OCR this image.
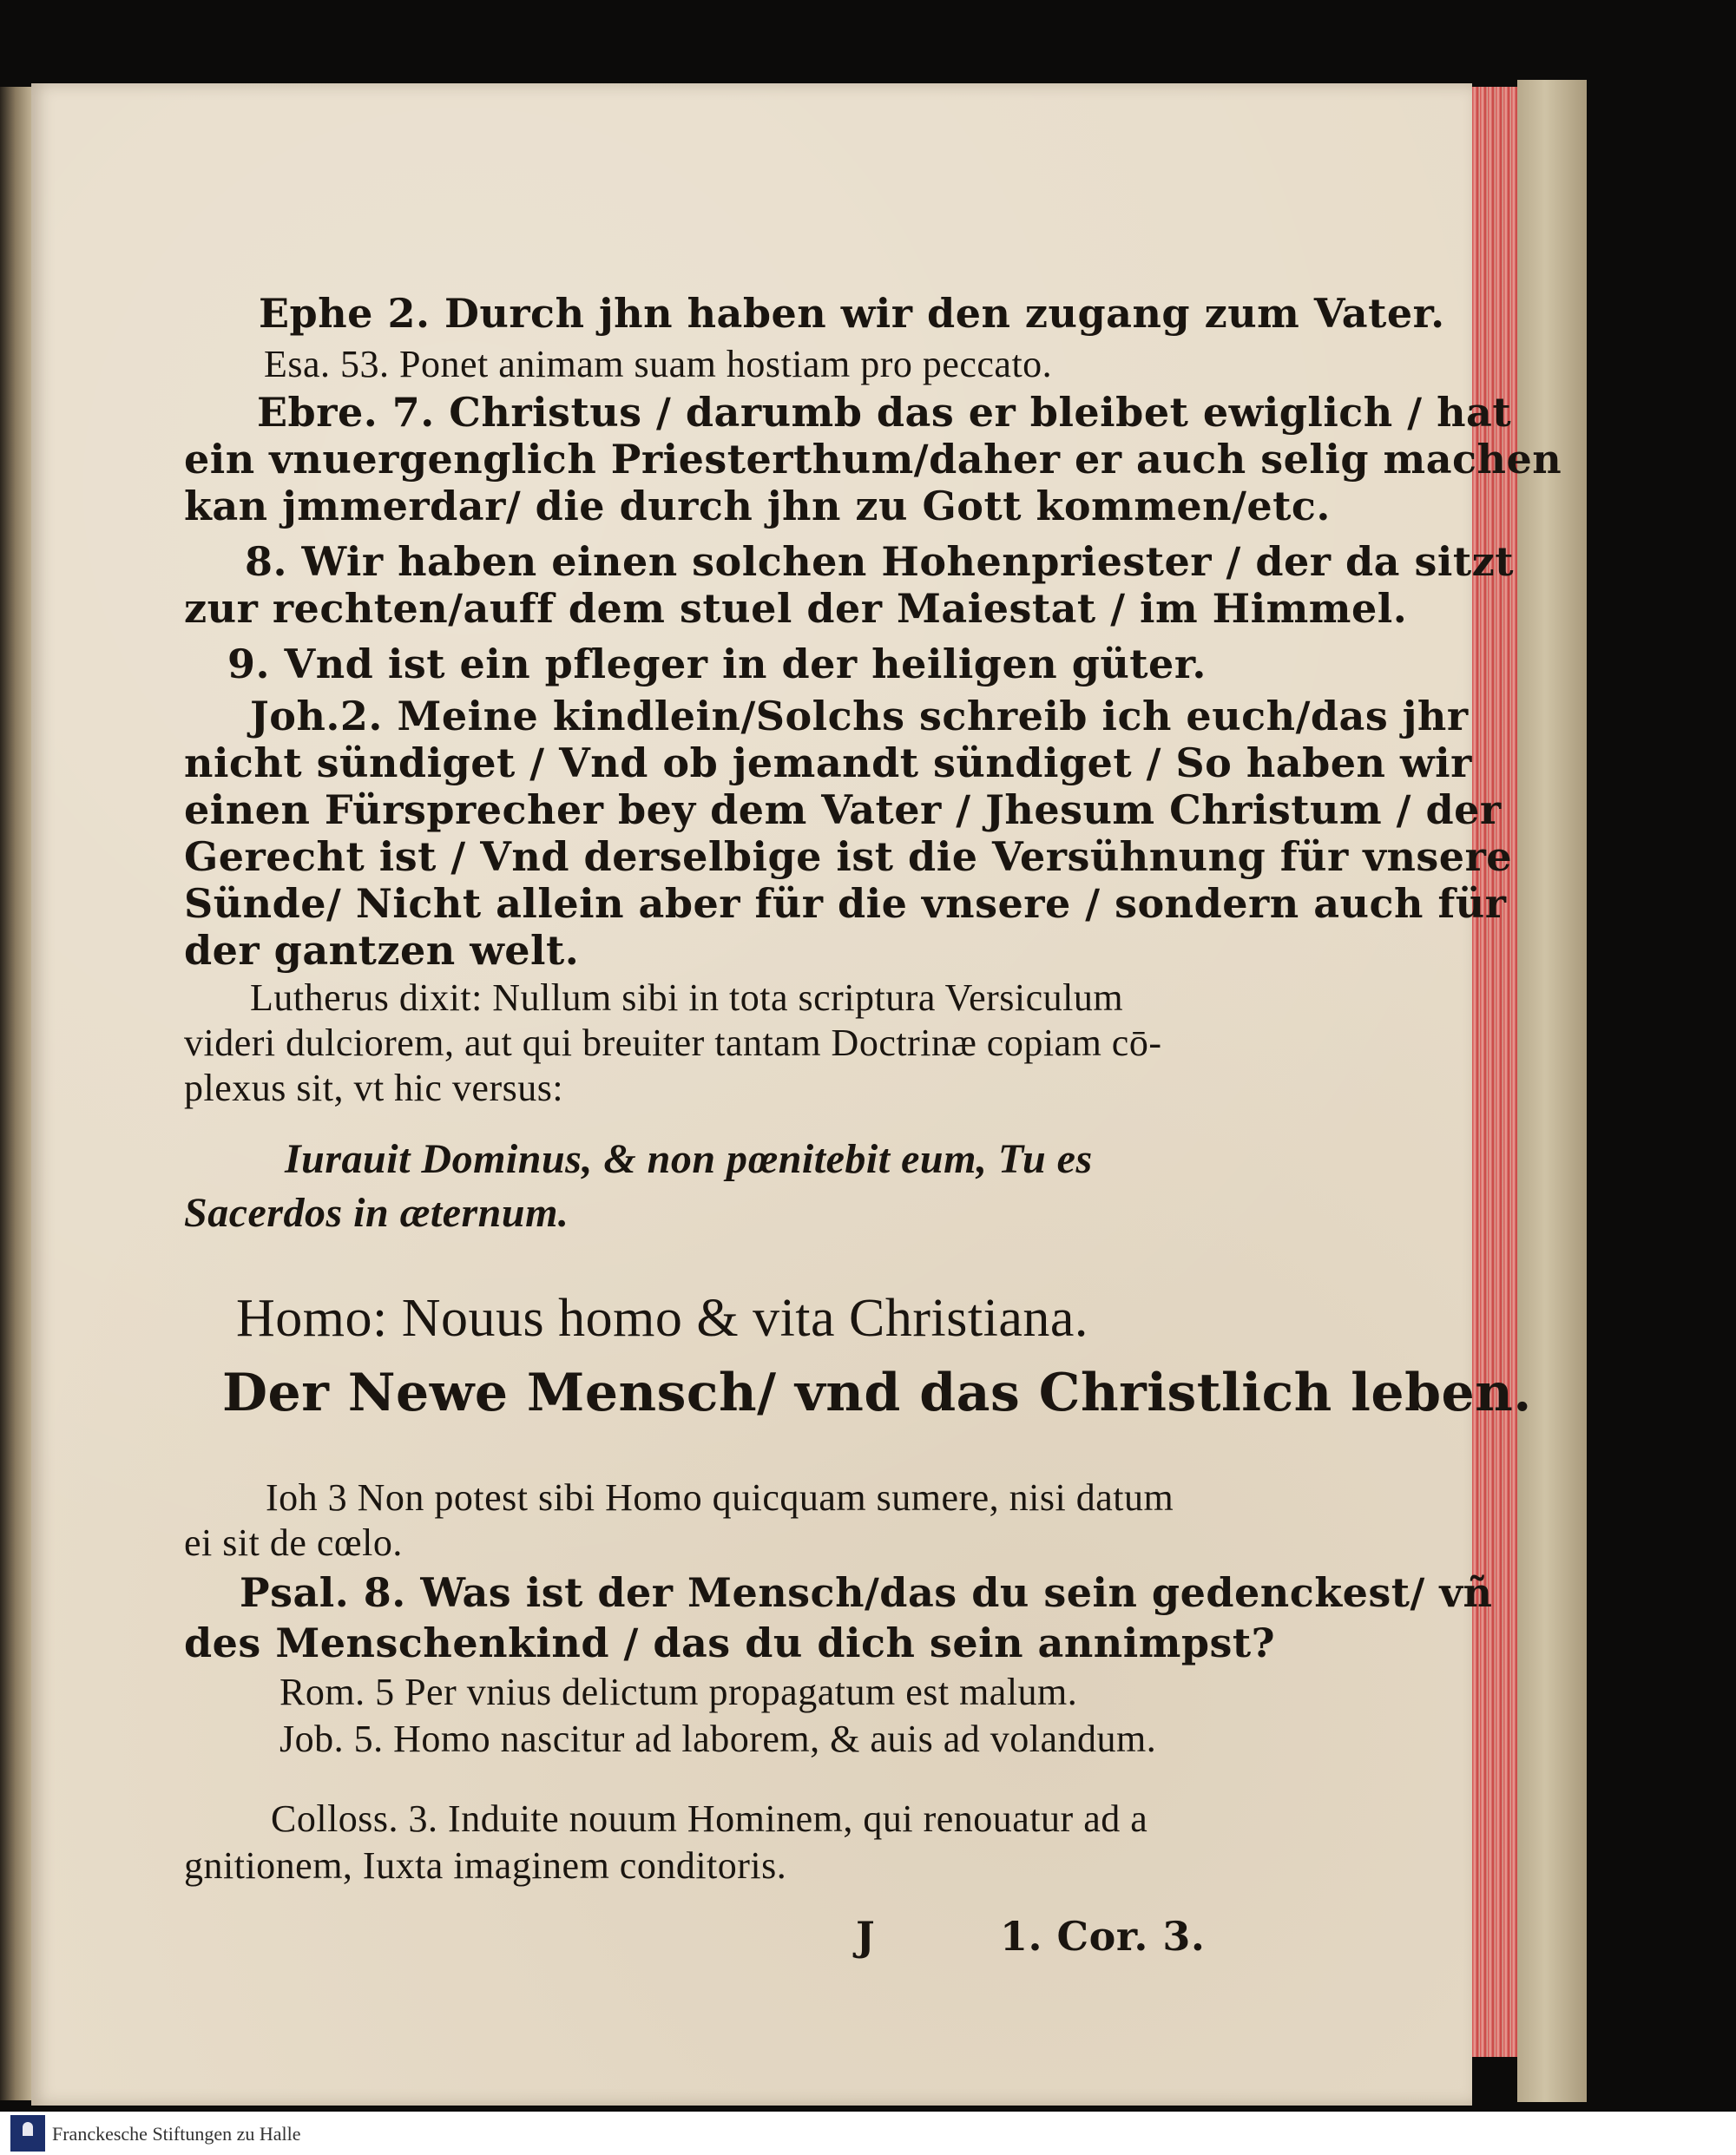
Ephe 2. Durch jhn haben wir den zugang zum Vater.
Esa. 53. Ponet animam suam hostiam pro peccato.
Ebre. 7. Christus / darumb das er bleibet ewiglich / hat
ein vnuergenglich Priesterthum/daher er auch selig machen
kan jmmerdar/ die durch jhn zu Gott kommen/etc.
8. Wir haben einen solchen Hohenpriester / der da sitzt
zur rechten/auff dem stuel der Maiestat / im Himmel.
9. Vnd ist ein pfleger in der heiligen güter.
Joh.2. Meine kindlein/Solchs schreib ich euch/das jhr
nicht sündiget / Vnd ob jemandt sündiget / So haben wir
einen Fürsprecher bey dem Vater / Jhesum Christum / der
Gerecht ist / Vnd derselbige ist die Versühnung für vnsere
Sünde/ Nicht allein aber für die vnsere / sondern auch für
der gantzen welt.
Lutherus dixit: Nullum sibi in tota scriptura Versiculum
videri dulciorem, aut qui breuiter tantam Doctrinæ copiam cō-
plexus sit, vt hic versus:
Iurauit Dominus, & non pœnitebit eum, Tu es
Sacerdos in æternum.
Homo: Nouus homo & vita Christiana.
Der Newe Mensch/ vnd das Christlich leben.
Ioh 3 Non potest sibi Homo quicquam sumere, nisi datum
ei sit de cœlo.
Psal. 8. Was ist der Mensch/das du sein gedenckest/ vñ
des Menschenkind / das du dich sein annimpst?
Rom. 5 Per vnius delictum propagatum est malum.
Job. 5. Homo nascitur ad laborem, & auis ad volandum.
Colloss. 3. Induite nouum Hominem, qui renouatur ad a
gnitionem, Iuxta imaginem conditoris.
J	1. Cor. 3.
Franckesche Stiftungen zu Halle
